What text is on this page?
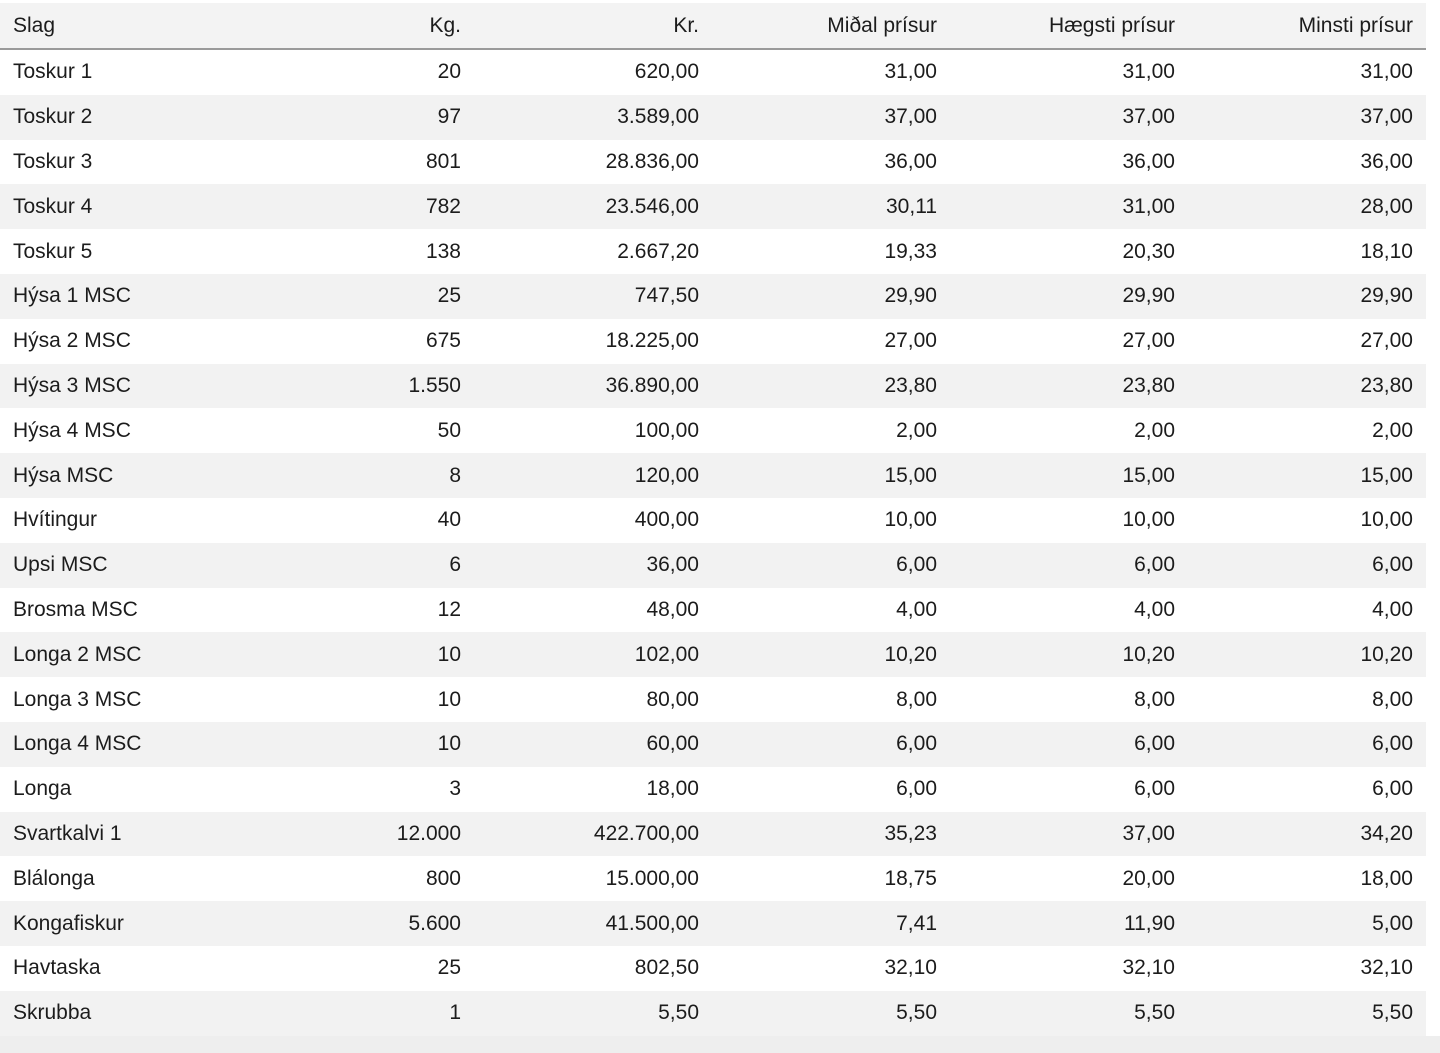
Slag	Kg.	Kr.	Miðal prísur	Hægsti prísur	Minsti prísur
Toskur 1	20	620,00	31,00	31,00	31,00
Toskur 2	97	3.589,00	37,00	37,00	37,00
Toskur 3	801	28.836,00	36,00	36,00	36,00
Toskur 4	782	23.546,00	30,11	31,00	28,00
Toskur 5	138	2.667,20	19,33	20,30	18,10
Hýsa 1 MSC	25	747,50	29,90	29,90	29,90
Hýsa 2 MSC	675	18.225,00	27,00	27,00	27,00
Hýsa 3 MSC	1.550	36.890,00	23,80	23,80	23,80
Hýsa 4 MSC	50	100,00	2,00	2,00	2,00
Hýsa MSC	8	120,00	15,00	15,00	15,00
Hvítingur	40	400,00	10,00	10,00	10,00
Upsi MSC	6	36,00	6,00	6,00	6,00
Brosma MSC	12	48,00	4,00	4,00	4,00
Longa 2 MSC	10	102,00	10,20	10,20	10,20
Longa 3 MSC	10	80,00	8,00	8,00	8,00
Longa 4 MSC	10	60,00	6,00	6,00	6,00
Longa	3	18,00	6,00	6,00	6,00
Svartkalvi 1	12.000	422.700,00	35,23	37,00	34,20
Blálonga	800	15.000,00	18,75	20,00	18,00
Kongafiskur	5.600	41.500,00	7,41	11,90	5,00
Havtaska	25	802,50	32,10	32,10	32,10
Skrubba	1	5,50	5,50	5,50	5,50
